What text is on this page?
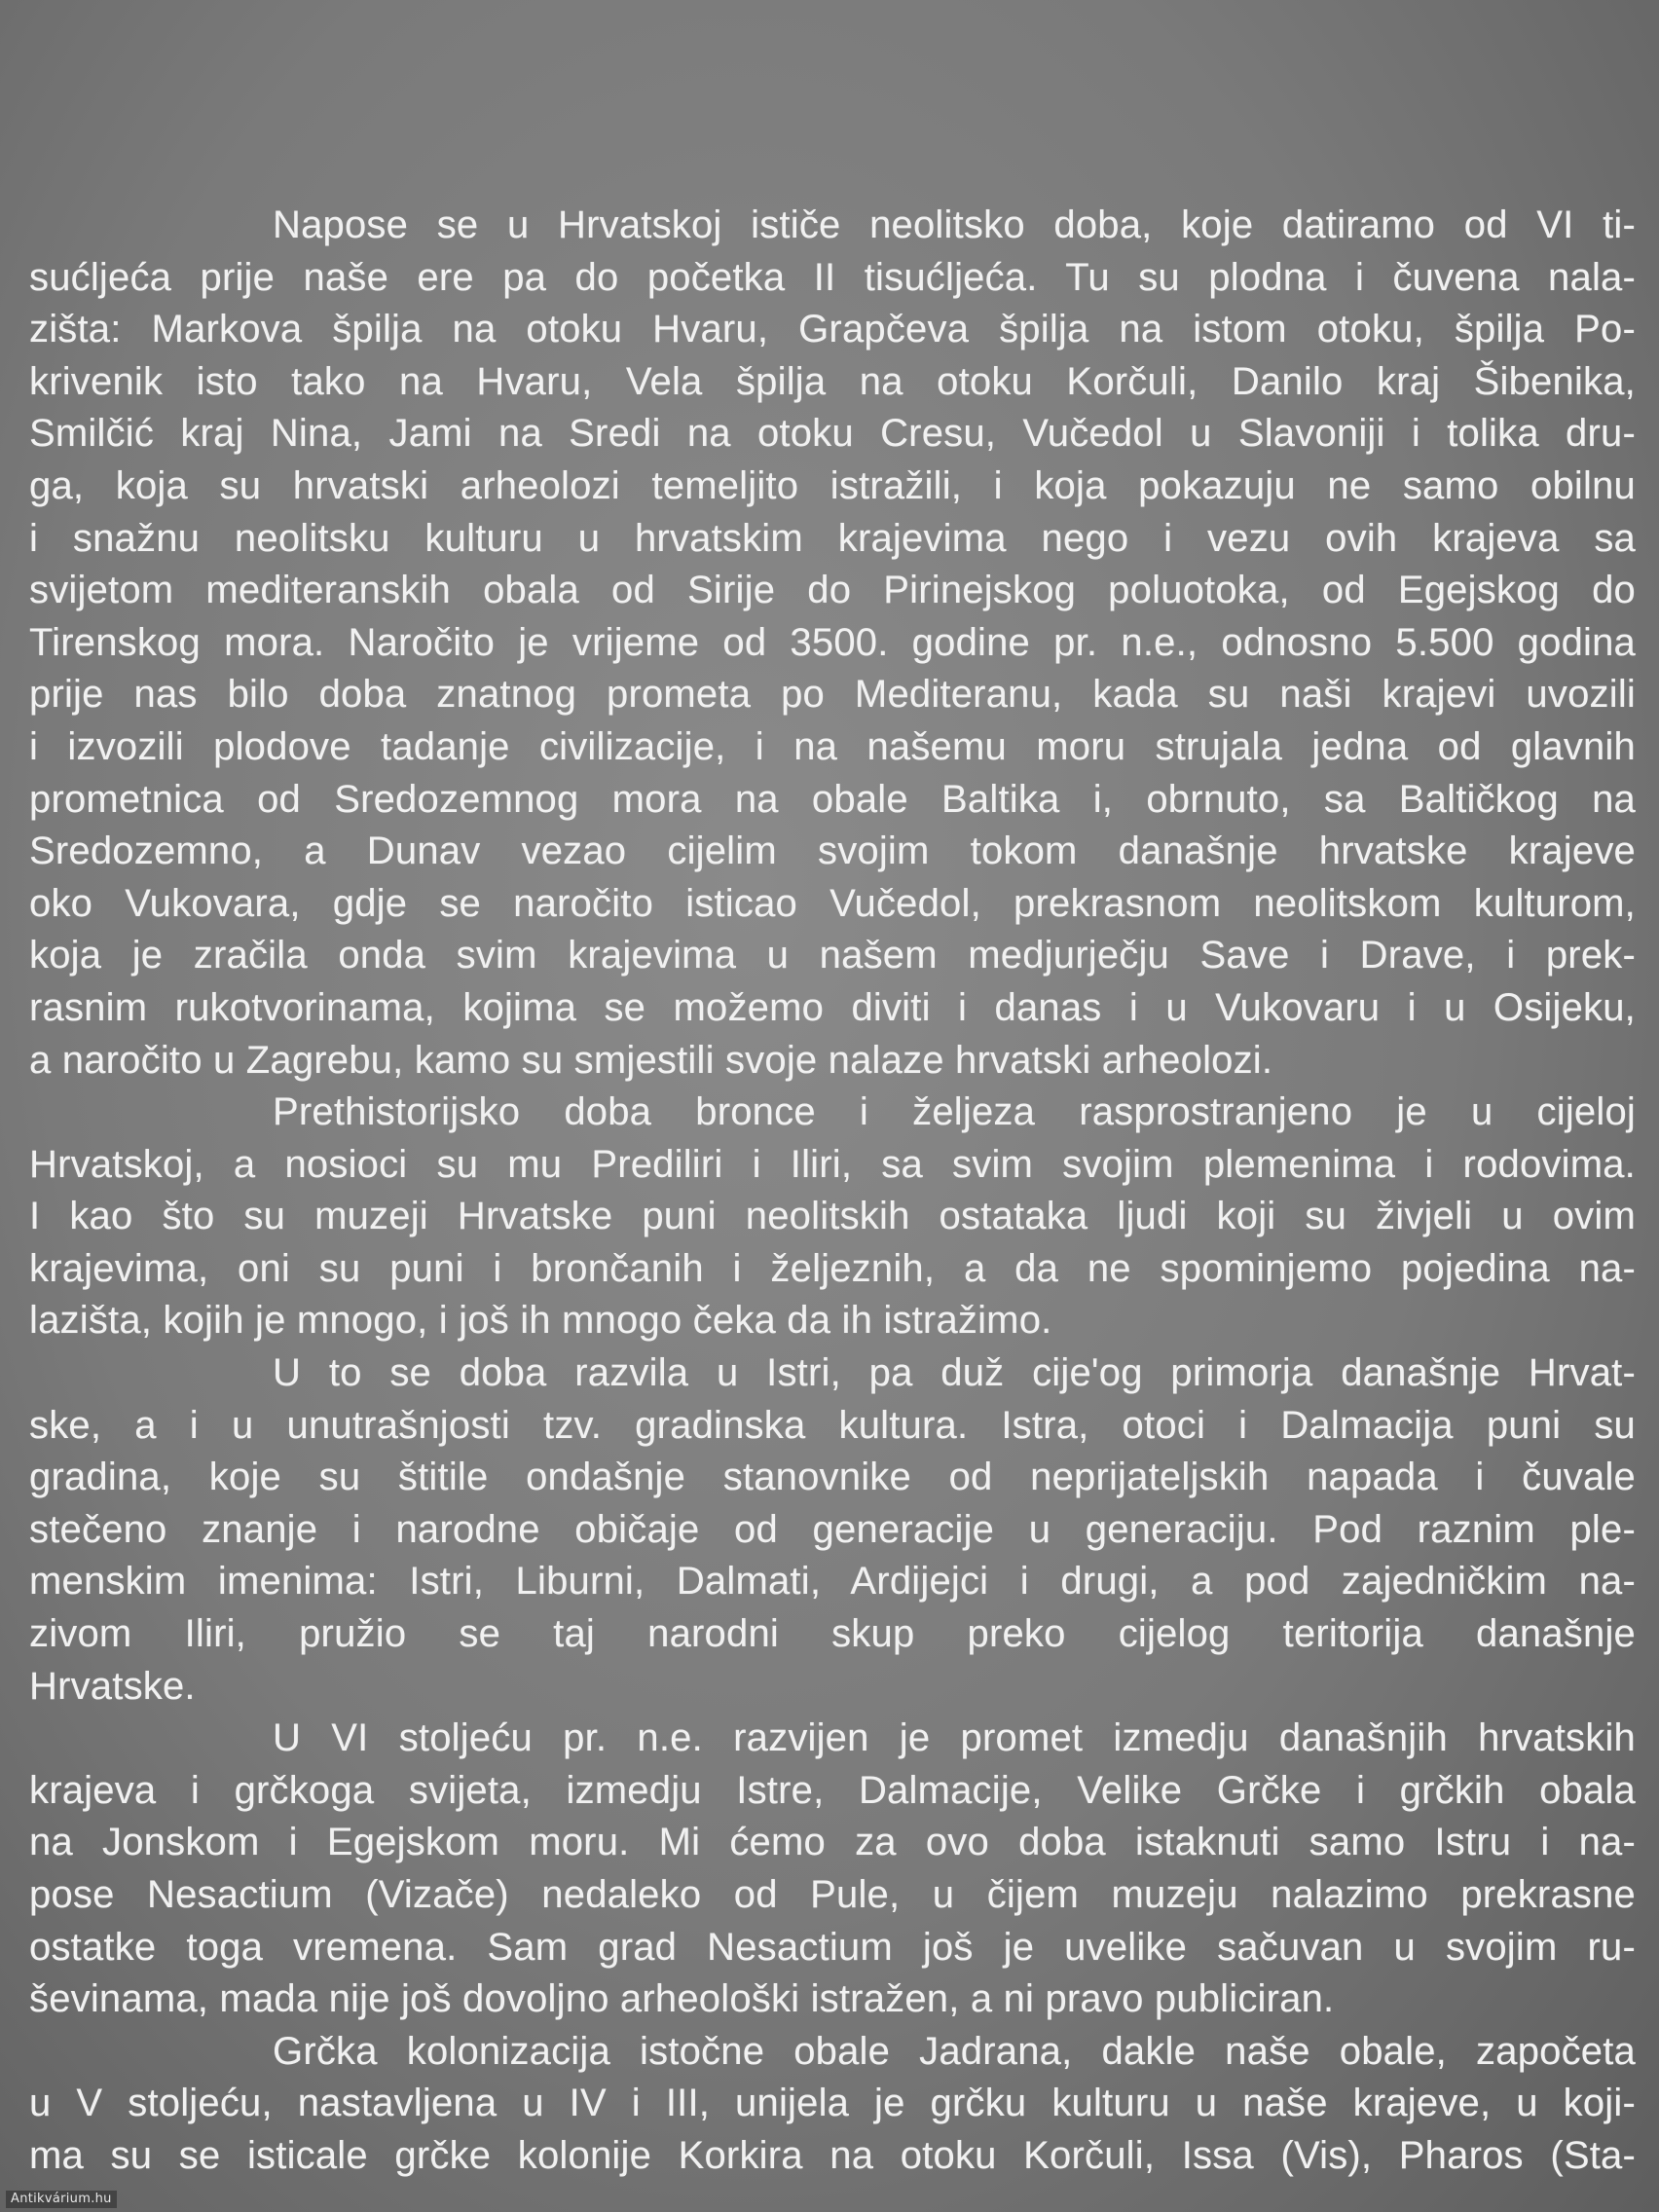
Napose se u Hrvatskoj ističe neolitsko doba, koje datiramo od VI ti-
sućljeća prije naše ere pa do početka II tisućljeća. Tu su plodna i čuvena nala-
zišta: Markova špilja na otoku Hvaru, Grapčeva špilja na istom otoku, špilja Po-
krivenik isto tako na Hvaru, Vela špilja na otoku Korčuli, Danilo kraj Šibenika,
Smilčić kraj Nina, Jami na Sredi na otoku Cresu, Vučedol u Slavoniji i tolika dru-
ga, koja su hrvatski arheolozi temeljito istražili, i koja pokazuju ne samo obilnu
i snažnu neolitsku kulturu u hrvatskim krajevima nego i vezu ovih krajeva sa
svijetom mediteranskih obala od Sirije do Pirinejskog poluotoka, od Egejskog do
Tirenskog mora. Naročito je vrijeme od 3500. godine pr. n.e., odnosno 5.500 godina
prije nas bilo doba znatnog prometa po Mediteranu, kada su naši krajevi uvozili
i izvozili plodove tadanje civilizacije, i na našemu moru strujala jedna od glavnih
prometnica od Sredozemnog mora na obale Baltika i, obrnuto, sa Baltičkog na
Sredozemno, a Dunav vezao cijelim svojim tokom današnje hrvatske krajeve
oko Vukovara, gdje se naročito isticao Vučedol, prekrasnom neolitskom kulturom,
koja je zračila onda svim krajevima u našem medjurječju Save i Drave, i prek-
rasnim rukotvorinama, kojima se možemo diviti i danas i u Vukovaru i u Osijeku,
a naročito u Zagrebu, kamo su smjestili svoje nalaze hrvatski arheolozi.
Prethistorijsko doba bronce i željeza rasprostranjeno je u cijeloj
Hrvatskoj, a nosioci su mu Prediliri i Iliri, sa svim svojim plemenima i rodovima.
I kao što su muzeji Hrvatske puni neolitskih ostataka ljudi koji su živjeli u ovim
krajevima, oni su puni i brončanih i željeznih, a da ne spominjemo pojedina na-
lazišta, kojih je mnogo, i još ih mnogo čeka da ih istražimo.
U to se doba razvila u Istri, pa duž cije'og primorja današnje Hrvat-
ske, a i u unutrašnjosti tzv. gradinska kultura. Istra, otoci i Dalmacija puni su
gradina, koje su štitile ondašnje stanovnike od neprijateljskih napada i čuvale
stečeno znanje i narodne običaje od generacije u generaciju. Pod raznim ple-
menskim imenima: Istri, Liburni, Dalmati, Ardijejci i drugi, a pod zajedničkim na-
zivom Iliri, pružio se taj narodni skup preko cijelog teritorija današnje
Hrvatske.
U VI stoljeću pr. n.e. razvijen je promet izmedju današnjih hrvatskih
krajeva i grčkoga svijeta, izmedju Istre, Dalmacije, Velike Grčke i grčkih obala
na Jonskom i Egejskom moru. Mi ćemo za ovo doba istaknuti samo Istru i na-
pose Nesactium (Vizače) nedaleko od Pule, u čijem muzeju nalazimo prekrasne
ostatke toga vremena. Sam grad Nesactium još je uvelike sačuvan u svojim ru-
ševinama, mada nije još dovoljno arheološki istražen, a ni pravo publiciran.
Grčka kolonizacija istočne obale Jadrana, dakle naše obale, započeta
u V stoljeću, nastavljena u IV i III, unijela je grčku kulturu u naše krajeve, u koji-
ma su se isticale grčke kolonije Korkira na otoku Korčuli, Issa (Vis), Pharos (Sta-
Antikvárium.hu
